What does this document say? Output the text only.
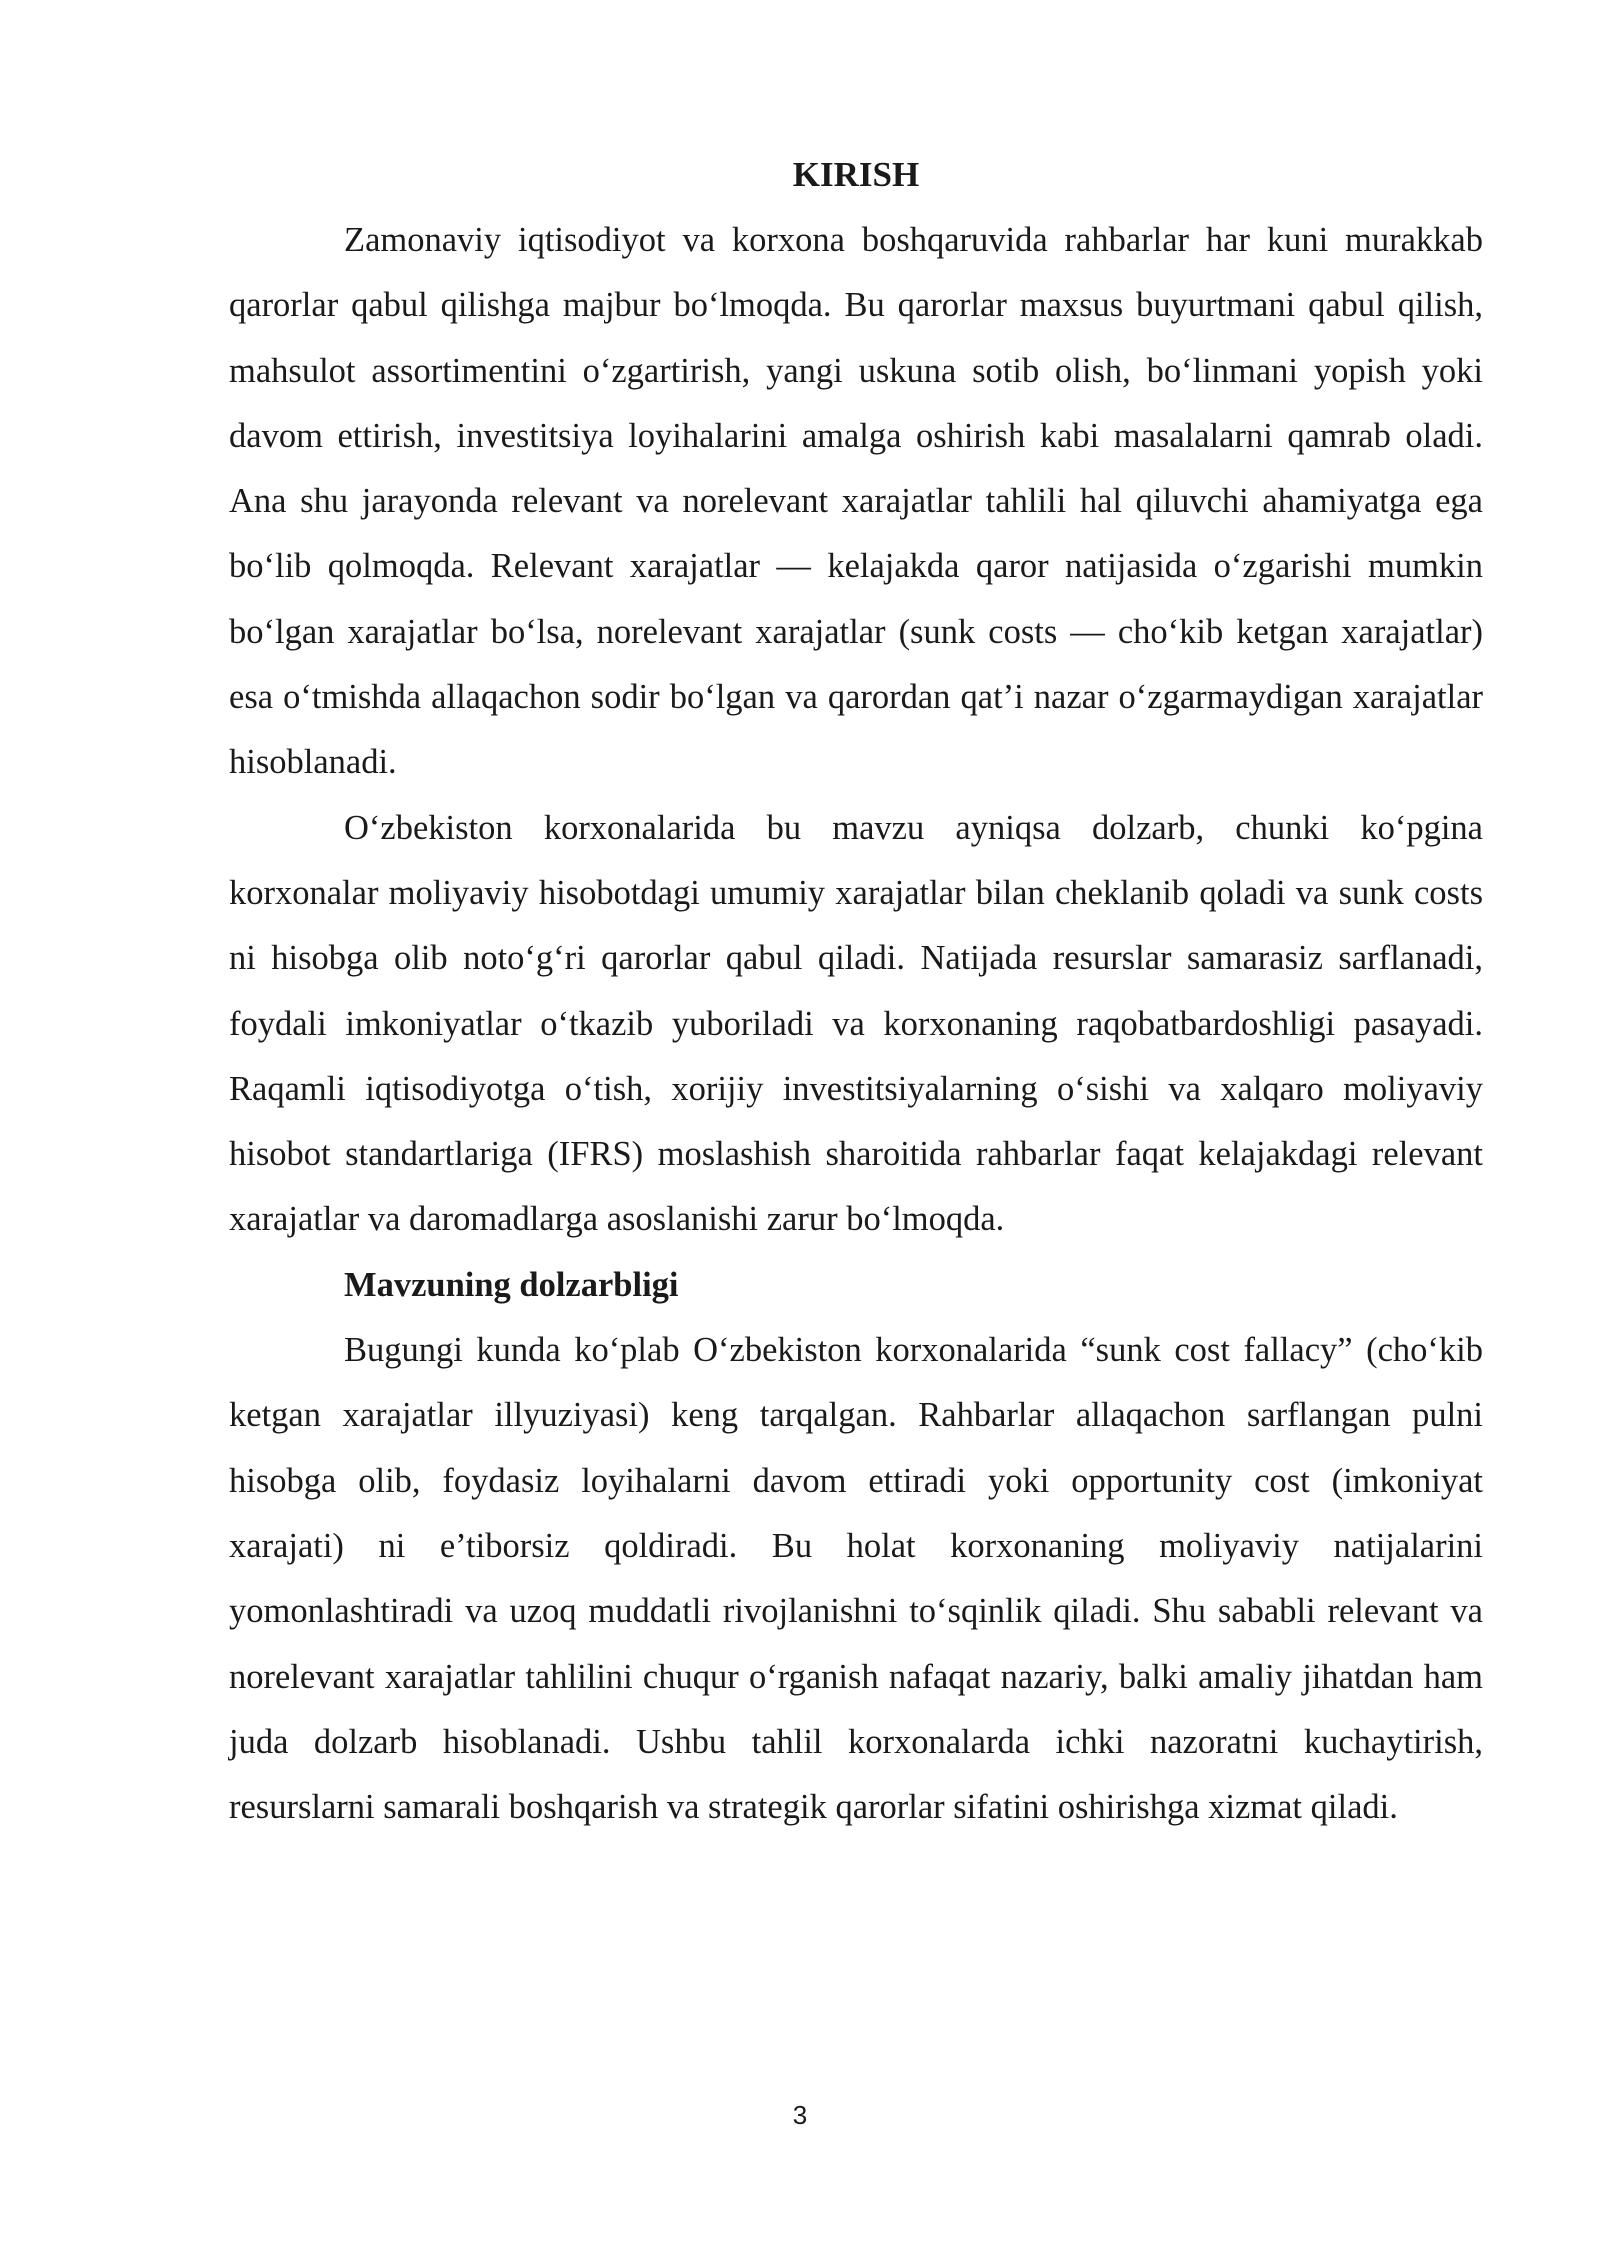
KIRISH

Zamonaviy iqtisodiyot va korxona boshqaruvida rahbarlar har kuni murakkab qarorlar qabul qilishga majbur bo‘lmoqda. Bu qarorlar maxsus buyurtmani qabul qilish, mahsulot assortimentini o‘zgartirish, yangi uskuna sotib olish, bo‘linmani yopish yoki davom ettirish, investitsiya loyihalarini amalga oshirish kabi masalalarni qamrab oladi. Ana shu jarayonda relevant va norelevant xarajatlar tahlili hal qiluvchi ahamiyatga ega bo‘lib qolmoqda. Relevant xarajatlar — kelajakda qaror natijasida o‘zgarishi mumkin bo‘lgan xarajatlar bo‘lsa, norelevant xarajatlar (sunk costs — cho‘kib ketgan xarajatlar) esa o‘tmishda allaqachon sodir bo‘lgan va qarordan qat’i nazar o‘zgarmaydigan xarajatlar hisoblanadi.

O‘zbekiston korxonalarida bu mavzu ayniqsa dolzarb, chunki ko‘pgina korxonalar moliyaviy hisobotdagi umumiy xarajatlar bilan cheklanib qoladi va sunk costs ni hisobga olib noto‘g‘ri qarorlar qabul qiladi. Natijada resurslar samarasiz sarflanadi, foydali imkoniyatlar o‘tkazib yuboriladi va korxonaning raqobatbardoshligi pasayadi. Raqamli iqtisodiyotga o‘tish, xorijiy investitsiyalarning o‘sishi va xalqaro moliyaviy hisobot standartlariga (IFRS) moslashish sharoitida rahbarlar faqat kelajakdagi relevant xarajatlar va daromadlarga asoslanishi zarur bo‘lmoqda.

Mavzuning dolzarbligi

Bugungi kunda ko‘plab O‘zbekiston korxonalarida “sunk cost fallacy” (cho‘kib ketgan xarajatlar illyuziyasi) keng tarqalgan. Rahbarlar allaqachon sarflangan pulni hisobga olib, foydasiz loyihalarni davom ettiradi yoki opportunity cost (imkoniyat xarajati) ni e’tiborsiz qoldiradi. Bu holat korxonaning moliyaviy natijalarini yomonlashtiradi va uzoq muddatli rivojlanishni to‘sqinlik qiladi. Shu sababli relevant va norelevant xarajatlar tahlilini chuqur o‘rganish nafaqat nazariy, balki amaliy jihatdan ham juda dolzarb hisoblanadi. Ushbu tahlil korxonalarda ichki nazoratni kuchaytirish, resurslarni samarali boshqarish va strategik qarorlar sifatini oshirishga xizmat qiladi.

3
